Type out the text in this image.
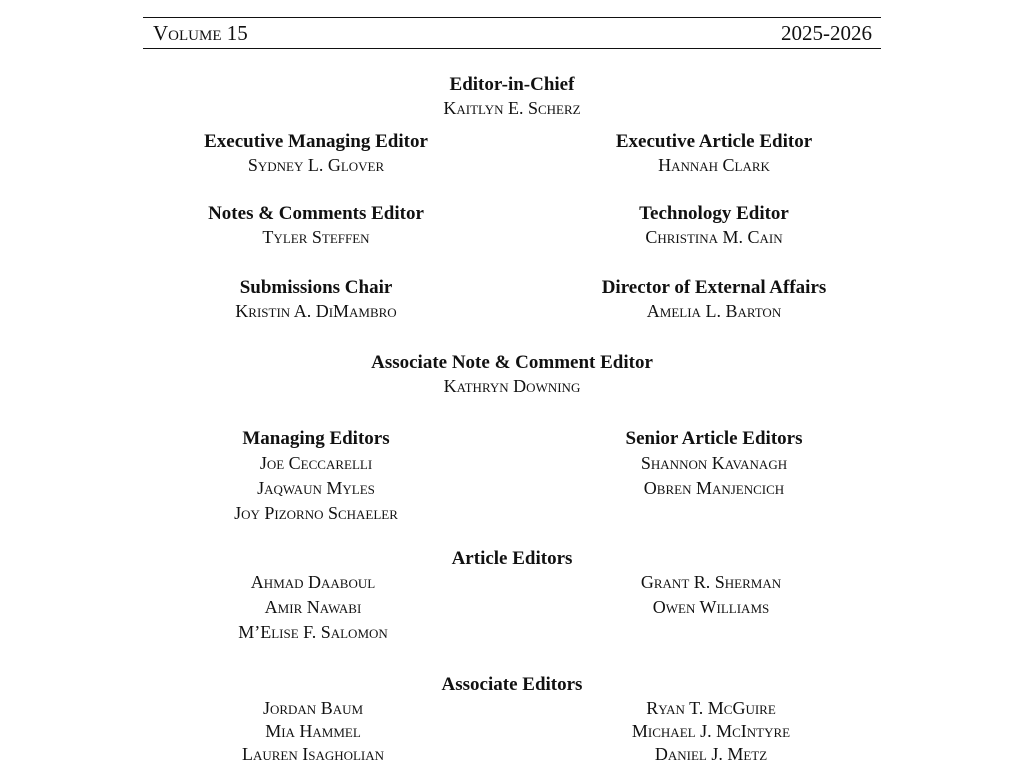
Volume 15	2025-2026
Editor-in-Chief
Kaitlyn E. Scherz
Executive Managing Editor
Sydney L. Glover
Executive Article Editor
Hannah Clark
Notes & Comments Editor
Tyler Steffen
Technology Editor
Christina M. Cain
Submissions Chair
Kristin A. DiMambro
Director of External Affairs
Amelia L. Barton
Associate Note & Comment Editor
Kathryn Downing
Managing Editors
Joe Ceccarelli
Jaqwaun Myles
Joy Pizorno Schaeler
Senior Article Editors
Shannon Kavanagh
Obren Manjencich
Article Editors
Ahmad Daaboul
Amir Nawabi
M’Elise F. Salomon
Grant R. Sherman
Owen Williams
Associate Editors
Jordan Baum
Mia Hammel
Lauren Isagholian
Ryan T. McGuire
Michael J. McIntyre
Daniel J. Metz
